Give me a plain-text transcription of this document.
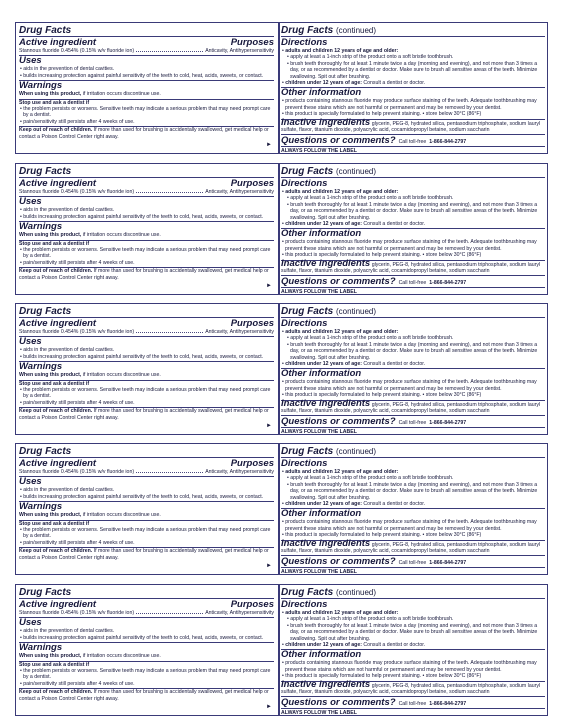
Drug Facts
Active ingredient	Purposes
Stannous fluoride 0.454% (0.15% w/v fluoride ion)	Anticavity, Antihypersensitivity
Uses
• aids in the prevention of dental cavities.
• builds increasing protection against painful sensitivity of the teeth to cold, heat, acids, sweets, or contact.
Warnings
When using this product, if irritation occurs discontinue use.
Stop use and ask a dentist if
• the problem persists or worsens. Sensitive teeth may indicate a serious problem that may need prompt care by a dentist.
• pain/sensitivity still persists after 4 weeks of use.
Keep out of reach of children. If more than used for brushing is accidentally swallowed, get medical help or contact a Poison Control Center right away.
►
Drug Facts (continued)
Directions
• adults and children 12 years of age and older:
• apply at least a 1-inch strip of the product onto a soft bristle toothbrush.
• brush teeth thoroughly for at least 1 minute twice a day (morning and evening), and not more than 3 times a day, or as recommended by a dentist or doctor. Make sure to brush all sensitive areas of the teeth. Minimize swallowing. Spit out after brushing.
• children under 12 years of age: Consult a dentist or doctor.
Other information
• products containing stannous fluoride may produce surface staining of the teeth. Adequate toothbrushing may prevent these stains which are not harmful or permanent and may be removed by your dentist.
• this product is specially formulated to help prevent staining. • store below 30°C (86°F)
Inactive ingredients glycerin, PEG-8, hydrated silica, pentasodium triphosphate, sodium lauryl sulfate, flavor, titanium dioxide, polyacrylic acid, cocamidopropyl betaine, sodium saccharin
Questions or comments? Call toll-free 1-866-844-2797
ALWAYS FOLLOW THE LABEL
Drug Facts
Active ingredient	Purposes
Stannous fluoride 0.454% (0.15% w/v fluoride ion)	Anticavity, Antihypersensitivity
Uses
• aids in the prevention of dental cavities.
• builds increasing protection against painful sensitivity of the teeth to cold, heat, acids, sweets, or contact.
Warnings
When using this product, if irritation occurs discontinue use.
Stop use and ask a dentist if
• the problem persists or worsens. Sensitive teeth may indicate a serious problem that may need prompt care by a dentist.
• pain/sensitivity still persists after 4 weeks of use.
Keep out of reach of children. If more than used for brushing is accidentally swallowed, get medical help or contact a Poison Control Center right away.
►
Drug Facts (continued)
Directions
• adults and children 12 years of age and older:
• apply at least a 1-inch strip of the product onto a soft bristle toothbrush.
• brush teeth thoroughly for at least 1 minute twice a day (morning and evening), and not more than 3 times a day, or as recommended by a dentist or doctor. Make sure to brush all sensitive areas of the teeth. Minimize swallowing. Spit out after brushing.
• children under 12 years of age: Consult a dentist or doctor.
Other information
• products containing stannous fluoride may produce surface staining of the teeth. Adequate toothbrushing may prevent these stains which are not harmful or permanent and may be removed by your dentist.
• this product is specially formulated to help prevent staining. • store below 30°C (86°F)
Inactive ingredients glycerin, PEG-8, hydrated silica, pentasodium triphosphate, sodium lauryl sulfate, flavor, titanium dioxide, polyacrylic acid, cocamidopropyl betaine, sodium saccharin
Questions or comments? Call toll-free 1-866-844-2797
ALWAYS FOLLOW THE LABEL
Drug Facts
Active ingredient	Purposes
Stannous fluoride 0.454% (0.15% w/v fluoride ion)	Anticavity, Antihypersensitivity
Uses
• aids in the prevention of dental cavities.
• builds increasing protection against painful sensitivity of the teeth to cold, heat, acids, sweets, or contact.
Warnings
When using this product, if irritation occurs discontinue use.
Stop use and ask a dentist if
• the problem persists or worsens. Sensitive teeth may indicate a serious problem that may need prompt care by a dentist.
• pain/sensitivity still persists after 4 weeks of use.
Keep out of reach of children. If more than used for brushing is accidentally swallowed, get medical help or contact a Poison Control Center right away.
►
Drug Facts (continued)
Directions
• adults and children 12 years of age and older:
• apply at least a 1-inch strip of the product onto a soft bristle toothbrush.
• brush teeth thoroughly for at least 1 minute twice a day (morning and evening), and not more than 3 times a day, or as recommended by a dentist or doctor. Make sure to brush all sensitive areas of the teeth. Minimize swallowing. Spit out after brushing.
• children under 12 years of age: Consult a dentist or doctor.
Other information
• products containing stannous fluoride may produce surface staining of the teeth. Adequate toothbrushing may prevent these stains which are not harmful or permanent and may be removed by your dentist.
• this product is specially formulated to help prevent staining. • store below 30°C (86°F)
Inactive ingredients glycerin, PEG-8, hydrated silica, pentasodium triphosphate, sodium lauryl sulfate, flavor, titanium dioxide, polyacrylic acid, cocamidopropyl betaine, sodium saccharin
Questions or comments? Call toll-free 1-866-844-2797
ALWAYS FOLLOW THE LABEL
Drug Facts
Active ingredient	Purposes
Stannous fluoride 0.454% (0.15% w/v fluoride ion)	Anticavity, Antihypersensitivity
Uses
• aids in the prevention of dental cavities.
• builds increasing protection against painful sensitivity of the teeth to cold, heat, acids, sweets, or contact.
Warnings
When using this product, if irritation occurs discontinue use.
Stop use and ask a dentist if
• the problem persists or worsens. Sensitive teeth may indicate a serious problem that may need prompt care by a dentist.
• pain/sensitivity still persists after 4 weeks of use.
Keep out of reach of children. If more than used for brushing is accidentally swallowed, get medical help or contact a Poison Control Center right away.
►
Drug Facts (continued)
Directions
• adults and children 12 years of age and older:
• apply at least a 1-inch strip of the product onto a soft bristle toothbrush.
• brush teeth thoroughly for at least 1 minute twice a day (morning and evening), and not more than 3 times a day, or as recommended by a dentist or doctor. Make sure to brush all sensitive areas of the teeth. Minimize swallowing. Spit out after brushing.
• children under 12 years of age: Consult a dentist or doctor.
Other information
• products containing stannous fluoride may produce surface staining of the teeth. Adequate toothbrushing may prevent these stains which are not harmful or permanent and may be removed by your dentist.
• this product is specially formulated to help prevent staining. • store below 30°C (86°F)
Inactive ingredients glycerin, PEG-8, hydrated silica, pentasodium triphosphate, sodium lauryl sulfate, flavor, titanium dioxide, polyacrylic acid, cocamidopropyl betaine, sodium saccharin
Questions or comments? Call toll-free 1-866-844-2797
ALWAYS FOLLOW THE LABEL
Drug Facts
Active ingredient	Purposes
Stannous fluoride 0.454% (0.15% w/v fluoride ion)	Anticavity, Antihypersensitivity
Uses
• aids in the prevention of dental cavities.
• builds increasing protection against painful sensitivity of the teeth to cold, heat, acids, sweets, or contact.
Warnings
When using this product, if irritation occurs discontinue use.
Stop use and ask a dentist if
• the problem persists or worsens. Sensitive teeth may indicate a serious problem that may need prompt care by a dentist.
• pain/sensitivity still persists after 4 weeks of use.
Keep out of reach of children. If more than used for brushing is accidentally swallowed, get medical help or contact a Poison Control Center right away.
►
Drug Facts (continued)
Directions
• adults and children 12 years of age and older:
• apply at least a 1-inch strip of the product onto a soft bristle toothbrush.
• brush teeth thoroughly for at least 1 minute twice a day (morning and evening), and not more than 3 times a day, or as recommended by a dentist or doctor. Make sure to brush all sensitive areas of the teeth. Minimize swallowing. Spit out after brushing.
• children under 12 years of age: Consult a dentist or doctor.
Other information
• products containing stannous fluoride may produce surface staining of the teeth. Adequate toothbrushing may prevent these stains which are not harmful or permanent and may be removed by your dentist.
• this product is specially formulated to help prevent staining. • store below 30°C (86°F)
Inactive ingredients glycerin, PEG-8, hydrated silica, pentasodium triphosphate, sodium lauryl sulfate, flavor, titanium dioxide, polyacrylic acid, cocamidopropyl betaine, sodium saccharin
Questions or comments? Call toll-free 1-866-844-2797
ALWAYS FOLLOW THE LABEL
